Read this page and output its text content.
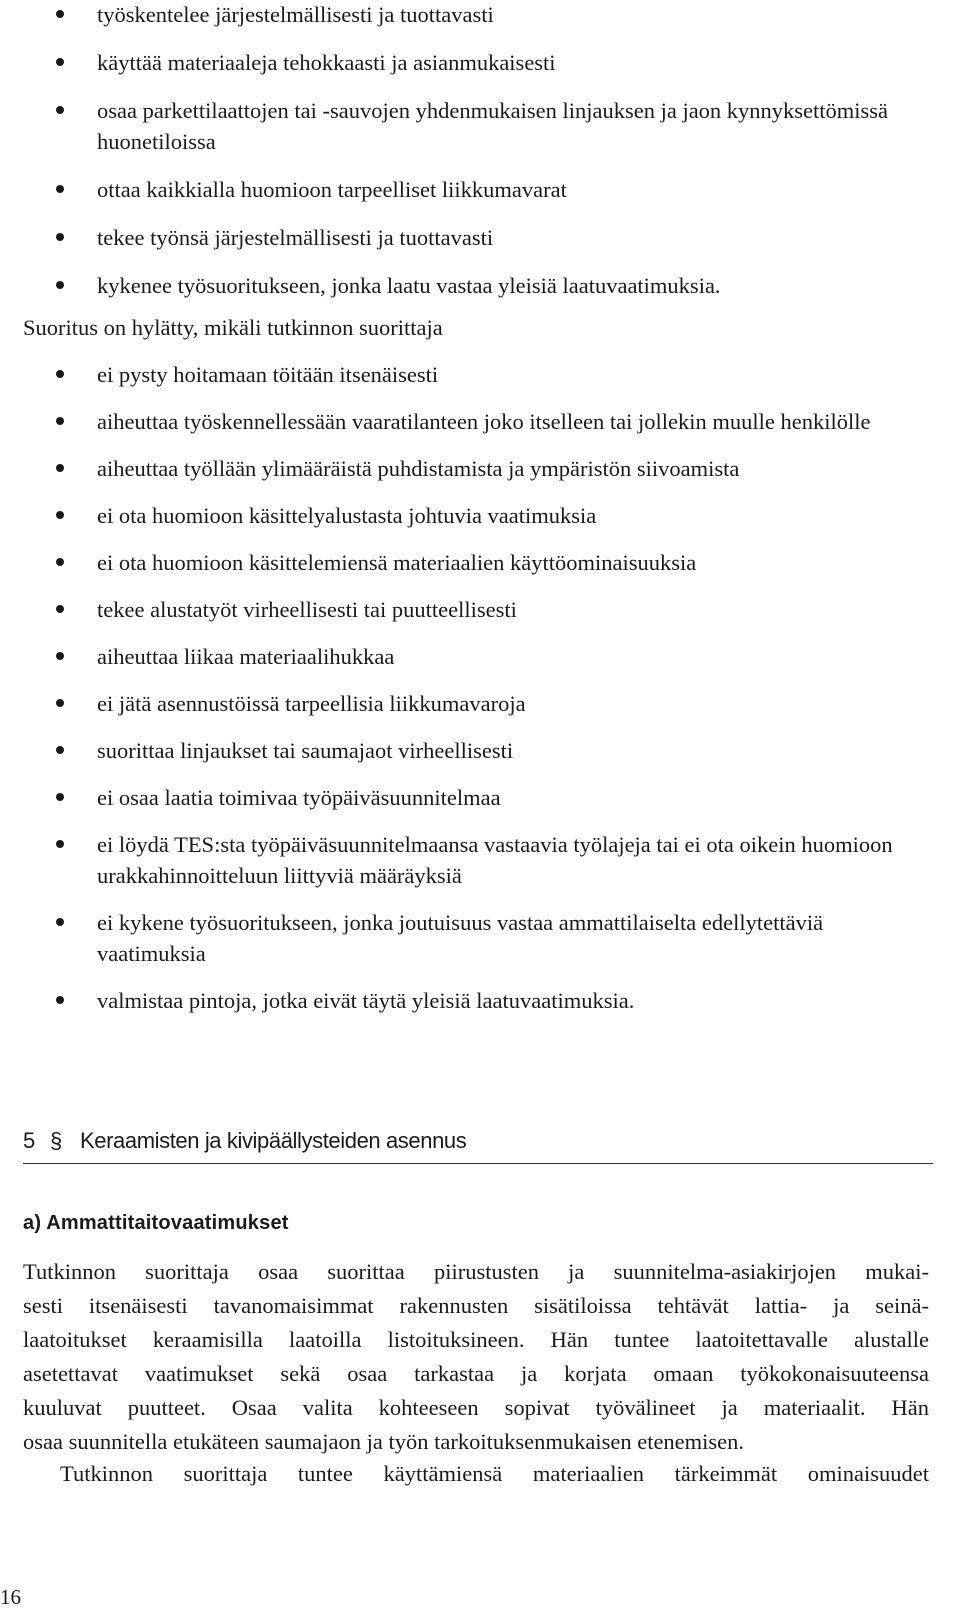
työskentelee järjestelmällisesti ja tuottavasti
käyttää materiaaleja tehokkaasti ja asianmukaisesti
osaa parkettilaattojen tai -sauvojen yhdenmukaisen linjauksen ja jaon kynnyksettömissä huonetiloissa
ottaa kaikkialla huomioon tarpeelliset liikkumavarat
tekee työnsä järjestelmällisesti ja tuottavasti
kykenee työsuoritukseen, jonka laatu vastaa yleisiä laatuvaatimuksia.

Suoritus on hylätty, mikäli tutkinnon suorittaja

ei pysty hoitamaan töitään itsenäisesti
aiheuttaa työskennellessään vaaratilanteen joko itselleen tai jollekin muulle henkilölle
aiheuttaa työllään ylimääräistä puhdistamista ja ympäristön siivoamista
ei ota huomioon käsittelyalustasta johtuvia vaatimuksia
ei ota huomioon käsittelemiensä materiaalien käyttöominaisuuksia
tekee alustatyöt virheellisesti tai puutteellisesti
aiheuttaa liikaa materiaalihukkaa
ei jätä asennustöissä tarpeellisia liikkumavaroja
suorittaa linjaukset tai saumajaot virheellisesti
ei osaa laatia toimivaa työpäiväsuunnitelmaa
ei löydä TES:sta työpäiväsuunnitelmaansa vastaavia työlajeja tai ei ota oikein huomioon urakkahinnoitteluun liittyviä määräyksiä
ei kykene työsuoritukseen, jonka joutuisuus vastaa ammattilaiselta edellytettäviä vaatimuksia
valmistaa pintoja, jotka eivät täytä yleisiä laatuvaatimuksia.
5 § Keraamisten ja kivipäällysteiden asennus
a) Ammattitaitovaatimukset

Tutkinnon suorittaja osaa suorittaa piirustusten ja suunnitelma-asiakirjojen mukai-
sesti itsenäisesti tavanomaisimmat rakennusten sisätiloissa tehtävät lattia- ja seinä-
laatoitukset keraamisilla laatoilla listoituksineen. Hän tuntee laatoitettavalle alustalle
asetettavat vaatimukset sekä osaa tarkastaa ja korjata omaan työkokonaisuuteensa
kuuluvat puutteet. Osaa valita kohteeseen sopivat työvälineet ja materiaalit. Hän
osaa suunnitella etukäteen saumajaon ja työn tarkoituksenmukaisen etenemisen.

Tutkinnon suorittaja tuntee käyttämiensä materiaalien tärkeimmät ominaisuudet

16
